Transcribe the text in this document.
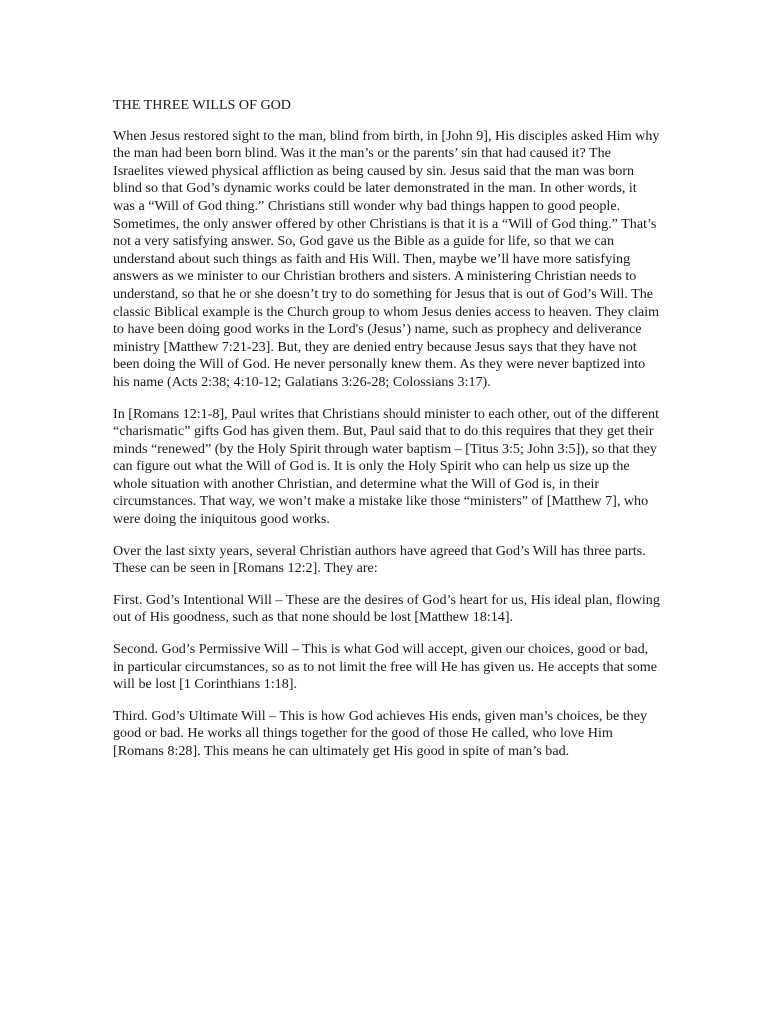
THE THREE WILLS OF GOD

When Jesus restored sight to the man, blind from birth, in [John 9], His disciples asked Him why the man had been born blind. Was it the man’s or the parents’ sin that had caused it? The Israelites viewed physical affliction as being caused by sin. Jesus said that the man was born blind so that God’s dynamic works could be later demonstrated in the man. In other words, it was a “Will of God thing.” Christians still wonder why bad things happen to good people. Sometimes, the only answer offered by other Christians is that it is a “Will of God thing.” That’s not a very satisfying answer. So, God gave us the Bible as a guide for life, so that we can understand about such things as faith and His Will. Then, maybe we’ll have more satisfying answers as we minister to our Christian brothers and sisters. A ministering Christian needs to understand, so that he or she doesn’t try to do something for Jesus that is out of God’s Will. The classic Biblical example is the Church group to whom Jesus denies access to heaven. They claim to have been doing good works in the Lord's (Jesus’) name, such as prophecy and deliverance ministry [Matthew 7:21-23]. But, they are denied entry because Jesus says that they have not been doing the Will of God. He never personally knew them. As they were never baptized into his name (Acts 2:38; 4:10-12; Galatians 3:26-28; Colossians 3:17).

In [Romans 12:1-8], Paul writes that Christians should minister to each other, out of the different “charismatic” gifts God has given them. But, Paul said that to do this requires that they get their minds “renewed” (by the Holy Spirit through water baptism – [Titus 3:5; John 3:5]), so that they can figure out what the Will of God is. It is only the Holy Spirit who can help us size up the whole situation with another Christian, and determine what the Will of God is, in their circumstances. That way, we won’t make a mistake like those “ministers” of [Matthew 7], who were doing the iniquitous good works.

Over the last sixty years, several Christian authors have agreed that God’s Will has three parts. These can be seen in [Romans 12:2]. They are:

First. God’s Intentional Will – These are the desires of God’s heart for us, His ideal plan, flowing out of His goodness, such as that none should be lost [Matthew 18:14].

Second. God’s Permissive Will – This is what God will accept, given our choices, good or bad, in particular circumstances, so as to not limit the free will He has given us. He accepts that some will be lost [1 Corinthians 1:18].

Third. God’s Ultimate Will – This is how God achieves His ends, given man’s choices, be they good or bad. He works all things together for the good of those He called, who love Him [Romans 8:28]. This means he can ultimately get His good in spite of man’s bad.
